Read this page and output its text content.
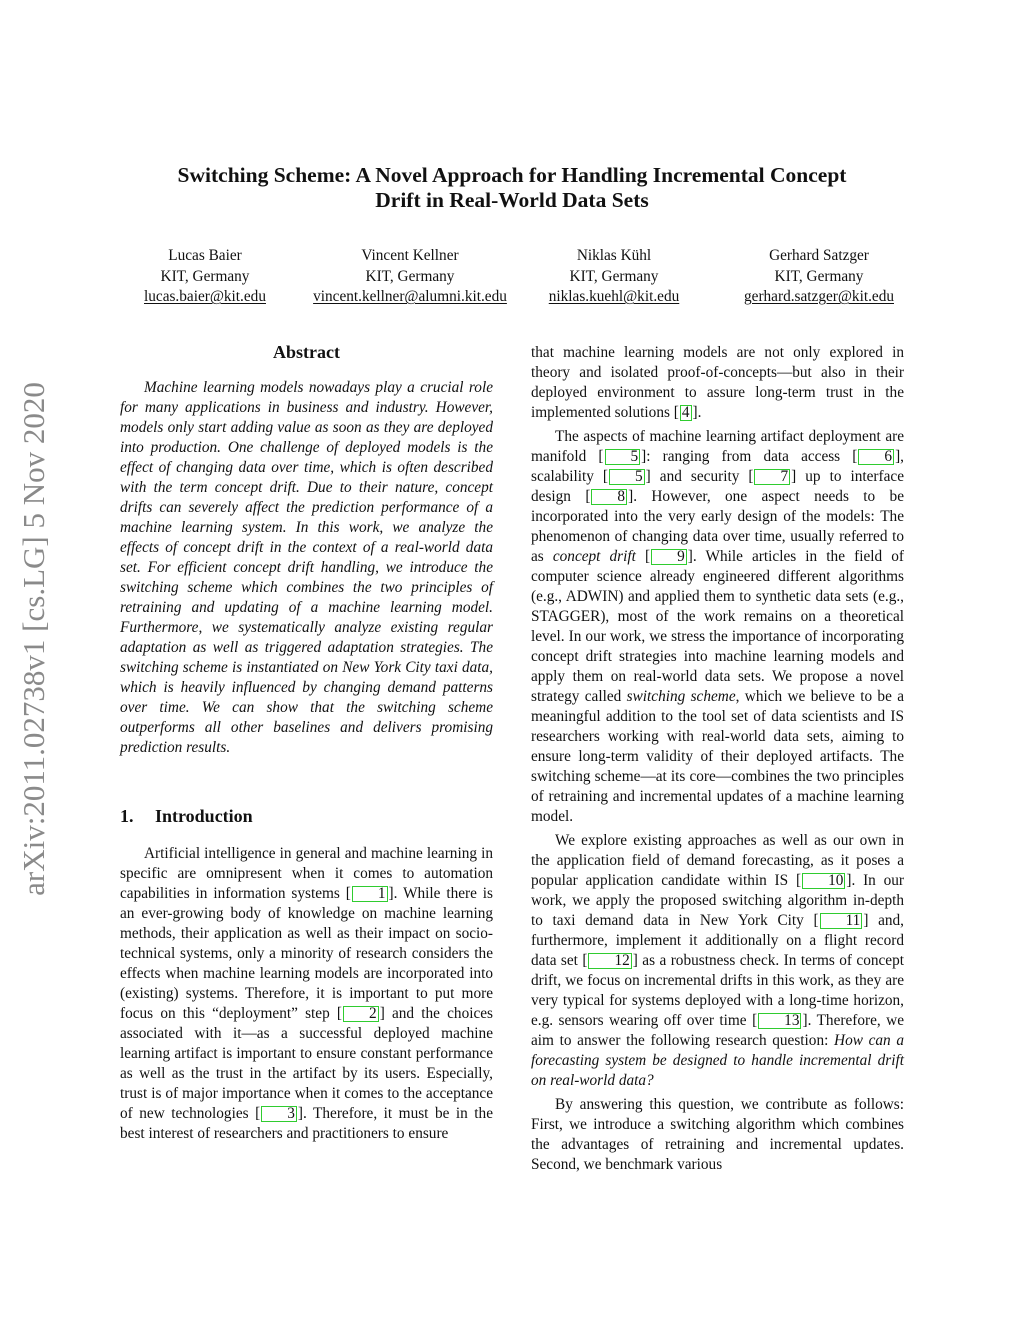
Switching Scheme: A Novel Approach for Handling Incremental Concept
Drift in Real-World Data Sets
Lucas Baier
KIT, Germany
lucas.baier@kit.edu
Vincent Kellner
KIT, Germany
vincent.kellner@alumni.kit.edu
Niklas Kühl
KIT, Germany
niklas.kuehl@kit.edu
Gerhard Satzger
KIT, Germany
gerhard.satzger@kit.edu
arXiv:2011.02738v1 [cs.LG] 5 Nov 2020
Abstract

Machine learning models nowadays play a crucial role for many applications in business and industry. However, models only start adding value as soon as they are deployed into production. One challenge of deployed models is the effect of changing data over time, which is often described with the term concept drift. Due to their nature, concept drifts can severely affect the prediction performance of a machine learning system. In this work, we analyze the effects of concept drift in the context of a real-world data set. For efficient concept drift handling, we introduce the switching scheme which combines the two principles of retraining and updating of a machine learning model. Furthermore, we systematically analyze existing regular adaptation as well as triggered adaptation strategies. The switching scheme is instantiated on New York City taxi data, which is heavily influenced by changing demand patterns over time. We can show that the switching scheme outperforms all other baselines and delivers promising prediction results.

1. Introduction

Artificial intelligence in general and machine learning in specific are omnipresent when it comes to automation capabilities in information systems [ 1 ]. While there is an ever-growing body of knowledge on machine learning methods, their application as well as their impact on socio-technical systems, only a minority of research considers the effects when machine learning models are incorporated into (existing) systems. Therefore, it is important to put more focus on this “deployment” step [ 2 ] and the choices associated with it—as a successful deployed machine learning artifact is important to ensure constant performance as well as the trust in the artifact by its users. Especially, trust is of major importance when it comes to the acceptance of new technologies [ 3 ]. Therefore, it must be in the best interest of researchers and practitioners to ensure

that machine learning models are not only explored in theory and isolated proof-of-concepts—but also in their deployed environment to assure long-term trust in the implemented solutions [ 4 ].

The aspects of machine learning artifact deployment are manifold [ 5 ]: ranging from data access [ 6 ], scalability [ 5 ] and security [ 7 ] up to interface design [ 8 ]. However, one aspect needs to be incorporated into the very early design of the models: The phenomenon of changing data over time, usually referred to as concept drift [ 9 ]. While articles in the field of computer science already engineered different algorithms (e.g., ADWIN) and applied them to synthetic data sets (e.g., STAGGER), most of the work remains on a theoretical level. In our work, we stress the importance of incorporating concept drift strategies into machine learning models and apply them on real-world data sets. We propose a novel strategy called switching scheme, which we believe to be a meaningful addition to the tool set of data scientists and IS researchers working with real-world data sets, aiming to ensure long-term validity of their deployed artifacts. The switching scheme—at its core—combines the two principles of retraining and incremental updates of a machine learning model.

We explore existing approaches as well as our own in the application field of demand forecasting, as it poses a popular application candidate within IS [ 10 ]. In our work, we apply the proposed switching algorithm in-depth to taxi demand data in New York City [ 11 ] and, furthermore, implement it additionally on a flight record data set [ 12 ] as a robustness check. In terms of concept drift, we focus on incremental drifts in this work, as they are very typical for systems deployed with a long-time horizon, e.g. sensors wearing off over time [ 13 ]. Therefore, we aim to answer the following research question: How can a forecasting system be designed to handle incremental drift on real-world data?

By answering this question, we contribute as follows: First, we introduce a switching algorithm which combines the advantages of retraining and incremental updates. Second, we benchmark various
